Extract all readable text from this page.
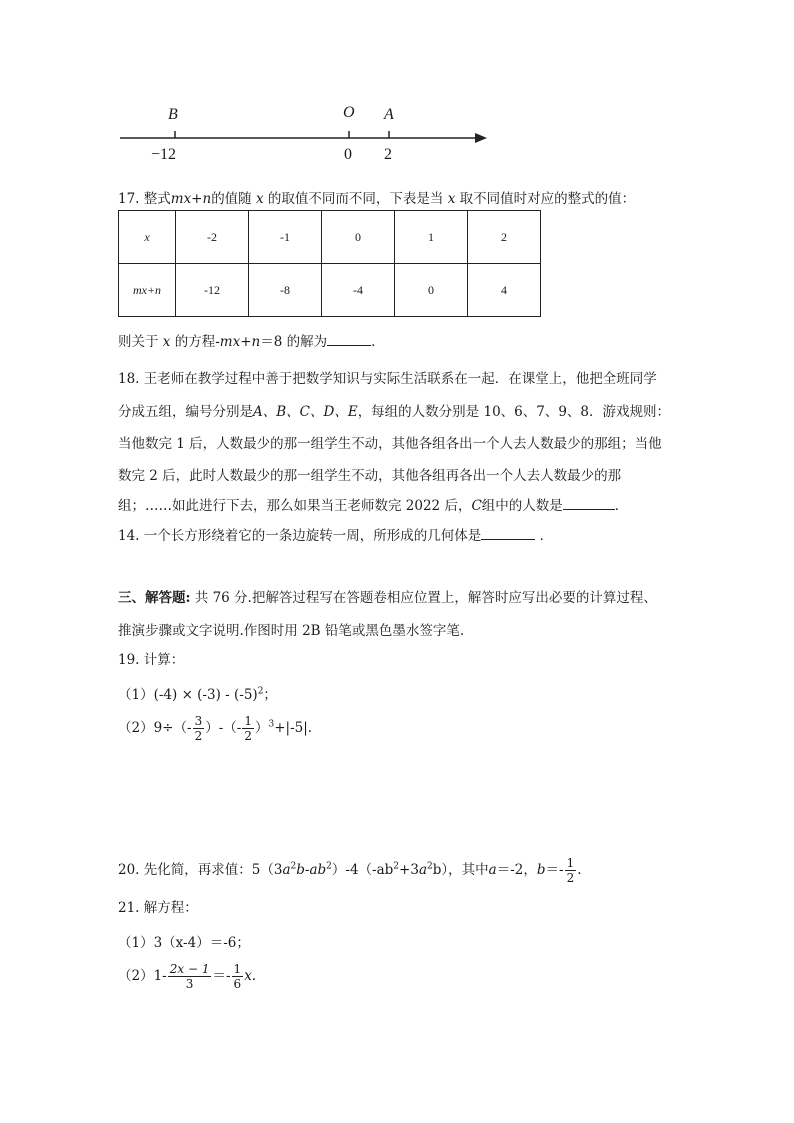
B	O A
−12	0 2
17. 整式mx+n的值随 x 的取值不同而不同，下表是当 x 取不同值时对应的整式的值：
x	-2	-1	0	1	2
mx+n	-12	-8	-4	0	4
则关于 x 的方程-mx+n＝8 的解为	．
18. 王老师在教学过程中善于把数学知识与实际生活联系在一起．在课堂上，他把全班同学
分成五组，编号分别是A、B、C、D、E，每组的人数分别是 10、6、7、9、8．游戏规则：
当他数完 1 后，人数最少的那一组学生不动，其他各组各出一个人去人数最少的那组；当他
数完 2 后，此时人数最少的那一组学生不动，其他各组再各出一个人去人数最少的那
组；……如此进行下去，那么如果当王老师数完 2022 后，C组中的人数是	．
14. 一个长方形绕着它的一条边旋转一周，所形成的几何体是	．
三、解答题: 共 76 分.把解答过程写在答题卷相应位置上，解答时应写出必要的计算过程、
推演步骤或文字说明.作图时用 2B 铅笔或黑色墨水签字笔.
19. 计算：
$(1)(-4) \times (-3) - (-5)^2$；
$(2)9\div(- \frac{3}{2}$ ）-（- $\frac{1}{2} )^3+|-5|$.
20. 先化简，再求值：$5(3a^2b-ab^2)-4(-ab^2+3a^2b)$，其中a＝-2，$b=- \frac{1}{2}$ .
21. 解方程：
（1）3（x-4）＝-6；
$(2)1- \frac{2x - 1}{3} =- \frac{1}{6} x$.
